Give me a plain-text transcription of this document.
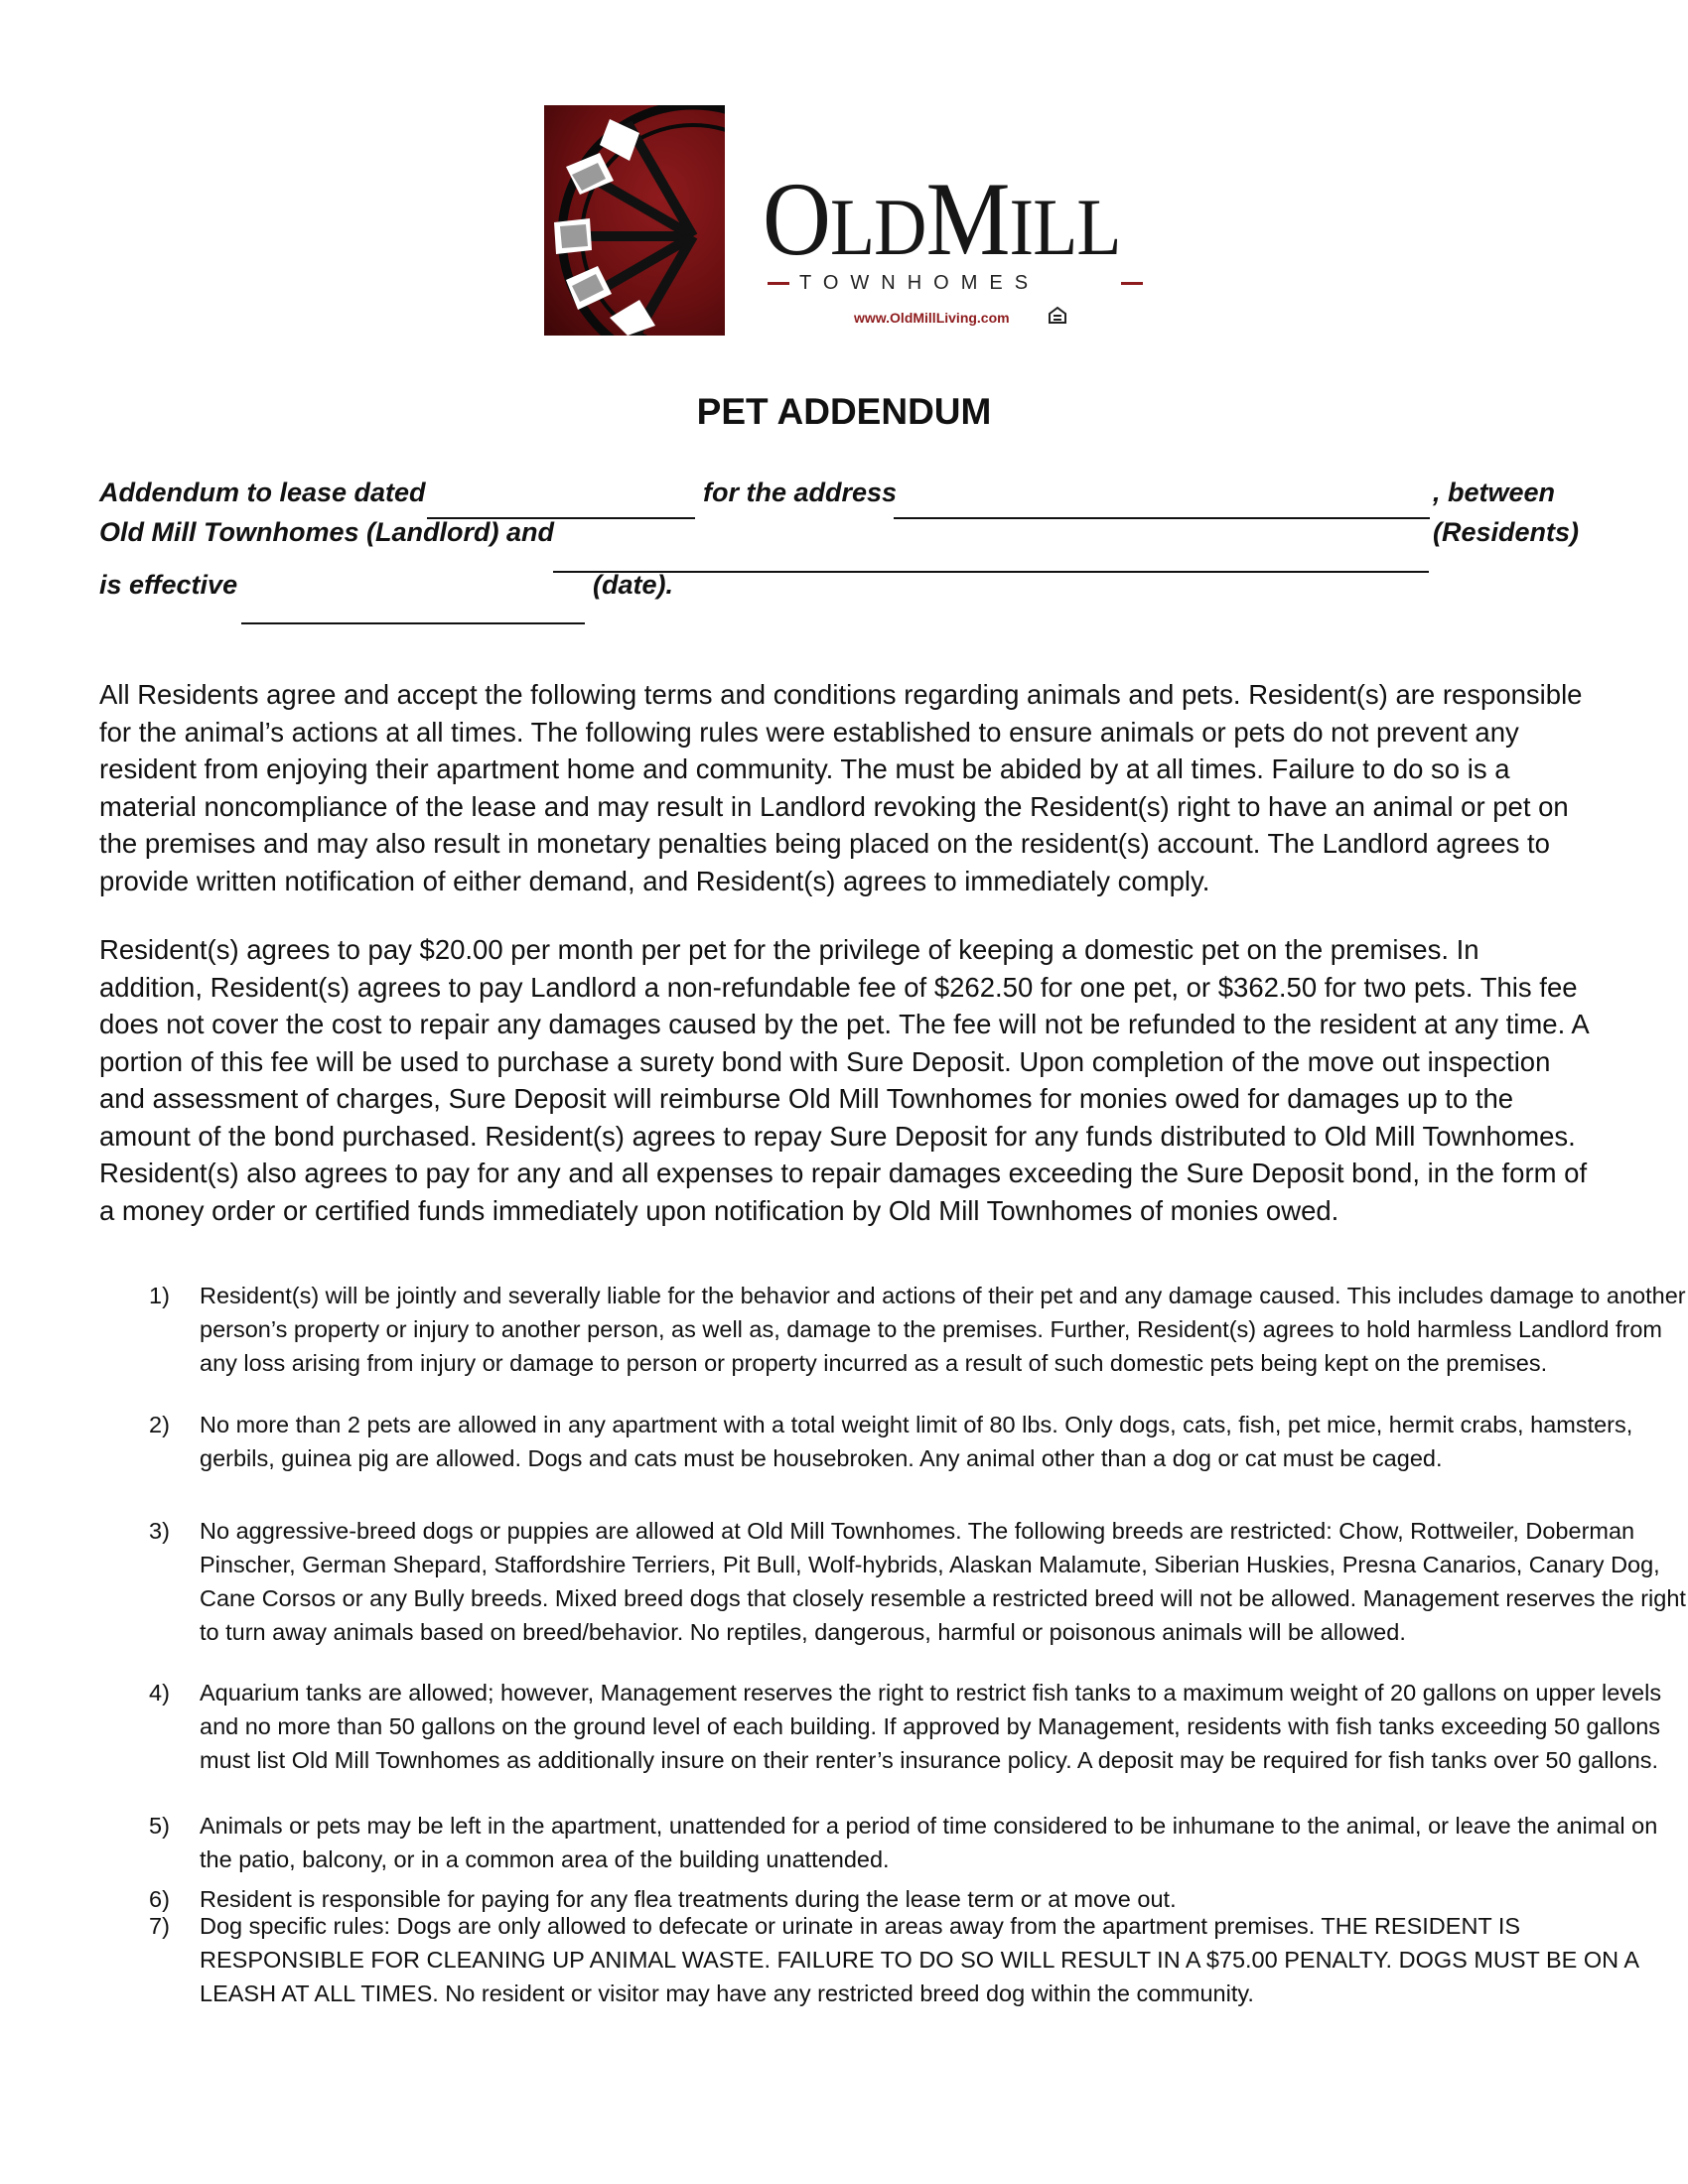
OLDMILL
TOWNHOMES
www.OldMillLiving.com
PET ADDENDUM
Addendum to lease dated	for the address	, between
Old Mill Townhomes (Landlord) and	(Residents)
is effective	(date).

All Residents agree and accept the following terms and conditions regarding animals and pets. Resident(s) are responsible for the animal’s actions at all times. The following rules were established to ensure animals or pets do not prevent any resident from enjoying their apartment home and community. The must be abided by at all times. Failure to do so is a material noncompliance of the lease and may result in Landlord revoking the Resident(s) right to have an animal or pet on the premises and may also result in monetary penalties being placed on the resident(s) account. The Landlord agrees to provide written notification of either demand, and Resident(s) agrees to immediately comply.

Resident(s) agrees to pay $20.00 per month per pet for the privilege of keeping a domestic pet on the premises. In addition, Resident(s) agrees to pay Landlord a non-refundable fee of $262.50 for one pet, or $362.50 for two pets. This fee does not cover the cost to repair any damages caused by the pet. The fee will not be refunded to the resident at any time. A portion of this fee will be used to purchase a surety bond with Sure Deposit. Upon completion of the move out inspection and assessment of charges, Sure Deposit will reimburse Old Mill Townhomes for monies owed for damages up to the amount of the bond purchased. Resident(s) agrees to repay Sure Deposit for any funds distributed to Old Mill Townhomes. Resident(s) also agrees to pay for any and all expenses to repair damages exceeding the Sure Deposit bond, in the form of a money order or certified funds immediately upon notification by Old Mill Townhomes of monies owed.

1) Resident(s) will be jointly and severally liable for the behavior and actions of their pet and any damage caused. This includes damage to another person’s property or injury to another person, as well as, damage to the premises. Further, Resident(s) agrees to hold harmless Landlord from any loss arising from injury or damage to person or property incurred as a result of such domestic pets being kept on the premises.
2) No more than 2 pets are allowed in any apartment with a total weight limit of 80 lbs. Only dogs, cats, fish, pet mice, hermit crabs, hamsters, gerbils, guinea pig are allowed. Dogs and cats must be housebroken. Any animal other than a dog or cat must be caged.
3) No aggressive-breed dogs or puppies are allowed at Old Mill Townhomes. The following breeds are restricted: Chow, Rottweiler, Doberman Pinscher, German Shepard, Staffordshire Terriers, Pit Bull, Wolf-hybrids, Alaskan Malamute, Siberian Huskies, Presna Canarios, Canary Dog, Cane Corsos or any Bully breeds. Mixed breed dogs that closely resemble a restricted breed will not be allowed. Management reserves the right to turn away animals based on breed/behavior. No reptiles, dangerous, harmful or poisonous animals will be allowed.
4) Aquarium tanks are allowed; however, Management reserves the right to restrict fish tanks to a maximum weight of 20 gallons on upper levels and no more than 50 gallons on the ground level of each building. If approved by Management, residents with fish tanks exceeding 50 gallons must list Old Mill Townhomes as additionally insure on their renter’s insurance policy. A deposit may be required for fish tanks over 50 gallons.
5) Animals or pets may be left in the apartment, unattended for a period of time considered to be inhumane to the animal, or leave the animal on the patio, balcony, or in a common area of the building unattended.
6) Resident is responsible for paying for any flea treatments during the lease term or at move out.
7) Dog specific rules: Dogs are only allowed to defecate or urinate in areas away from the apartment premises. THE RESIDENT IS RESPONSIBLE FOR CLEANING UP ANIMAL WASTE. FAILURE TO DO SO WILL RESULT IN A $75.00 PENALTY. DOGS MUST BE ON A LEASH AT ALL TIMES. No resident or visitor may have any restricted breed dog within the community.
